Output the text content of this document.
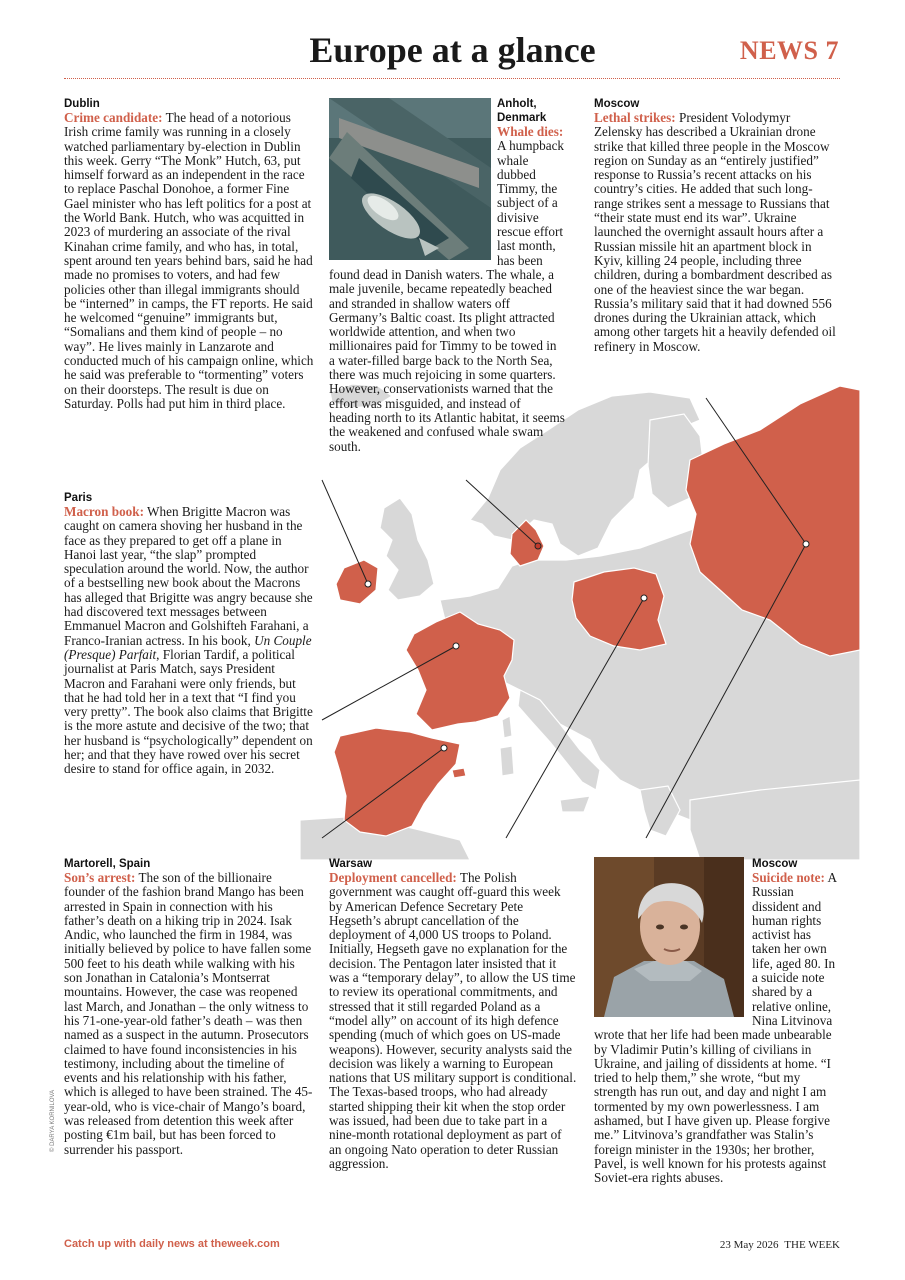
Europe at a glance	NEWS 7
Dublin

Crime candidate: The head of a notorious Irish crime family was running in a closely watched parliamentary by-election in Dublin this week. Gerry “The Monk” Hutch, 63, put himself forward as an independent in the race to replace Paschal Donohoe, a former Fine Gael minister who has left politics for a post at the World Bank. Hutch, who was acquitted in 2023 of murdering an associate of the rival Kinahan crime family, and who has, in total, spent around ten years behind bars, said he had made no promises to voters, and had few policies other than illegal immigrants should be “interned” in camps, the FT reports. He said he welcomed “genuine” immigrants but, “Somalians and them kind of people – no way”. He lives mainly in Lanzarote and conducted much of his campaign online, which he said was preferable to “tormenting” voters on their doorsteps. The result is due on Saturday. Polls had put him in third place.

Anholt, Denmark

Whale dies: A humpback whale dubbed Timmy, the subject of a divisive rescue effort last month, has been found dead in Danish waters. The whale, a male juvenile, became repeatedly beached and stranded in shallow waters off Germany’s Baltic coast. Its plight attracted worldwide attention, and when two millionaires paid for Timmy to be towed in a water-filled barge back to the North Sea, there was much rejoicing in some quarters. However, conservationists warned that the effort was misguided, and instead of heading north to its Atlantic habitat, it seems the weakened and confused whale swam south.

Moscow

Lethal strikes: President Volodymyr Zelensky has described a Ukrainian drone strike that killed three people in the Moscow region on Sunday as an “entirely justified” response to Russia’s recent attacks on his country’s cities. He added that such long-range strikes sent a message to Russians that “their state must end its war”. Ukraine launched the overnight assault hours after a Russian missile hit an apartment block in Kyiv, killing 24 people, including three children, during a bombardment described as one of the heaviest since the war began. Russia’s military said that it had downed 556 drones during the Ukrainian attack, which among other targets hit a heavily defended oil refinery in Moscow.

Paris

Macron book: When Brigitte Macron was caught on camera shoving her husband in the face as they prepared to get off a plane in Hanoi last year, “the slap” prompted speculation around the world. Now, the author of a bestselling new book about the Macrons has alleged that Brigitte was angry because she had discovered text messages between Emmanuel Macron and Golshifteh Farahani, a Franco-Iranian actress. In his book, Un Couple (Presque) Parfait, Florian Tardif, a political journalist at Paris Match, says President Macron and Farahani were only friends, but that he had told her in a text that “I find you very pretty”. The book also claims that Brigitte is the more astute and decisive of the two; that her husband is “psychologically” dependent on her; and that they have rowed over his secret desire to stand for office again, in 2032.

Martorell, Spain

Son’s arrest: The son of the billionaire founder of the fashion brand Mango has been arrested in Spain in connection with his father’s death on a hiking trip in 2024. Isak Andic, who launched the firm in 1984, was initially believed by police to have fallen some 500 feet to his death while walking with his son Jonathan in Catalonia’s Montserrat mountains. However, the case was reopened last March, and Jonathan – the only witness to his 71-one-year-old father’s death – was then named as a suspect in the autumn. Prosecutors claimed to have found inconsistencies in his testimony, including about the timeline of events and his relationship with his father, which is alleged to have been strained. The 45-year-old, who is vice-chair of Mango’s board, was released from detention this week after posting €1m bail, but has been forced to surrender his passport.

Warsaw

Deployment cancelled: The Polish government was caught off-guard this week by American Defence Secretary Pete Hegseth’s abrupt cancellation of the deployment of 4,000 US troops to Poland. Initially, Hegseth gave no explanation for the decision. The Pentagon later insisted that it was a “temporary delay”, to allow the US time to review its operational commitments, and stressed that it still regarded Poland as a “model ally” on account of its high defence spending (much of which goes on US-made weapons). However, security analysts said the decision was likely a warning to European nations that US military support is conditional. The Texas-based troops, who had already started shipping their kit when the stop order was issued, had been due to take part in a nine-month rotational deployment as part of an ongoing Nato operation to deter Russian aggression.

Moscow

Suicide note: A Russian dissident and human rights activist has taken her own life, aged 80. In a suicide note shared by a relative online, Nina Litvinova wrote that her life had been made unbearable by Vladimir Putin’s killing of civilians in Ukraine, and jailing of dissidents at home. “I tried to help them,” she wrote, “but my strength has run out, and day and night I am tormented by my own powerlessness. I am ashamed, but I have given up. Please forgive me.” Litvinova’s grandfather was Stalin’s foreign minister in the 1930s; her brother, Pavel, is well known for his protests against Soviet-era rights abuses.

© DARYA KORNILOVA
Catch up with daily news at theweek.com	23 May 2026 THE WEEK
